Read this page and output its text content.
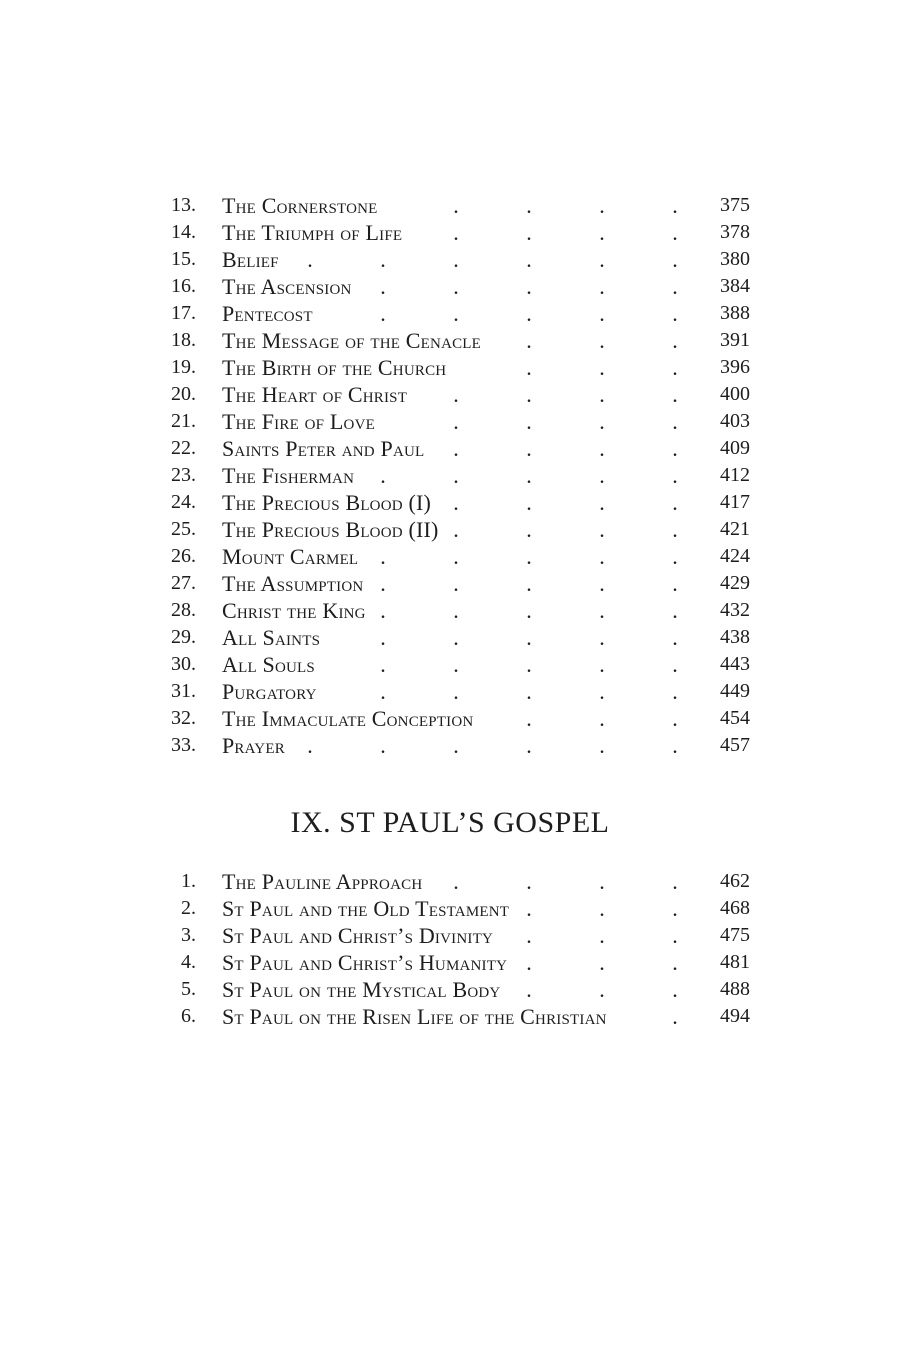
13. The Cornerstone	375
.	.	.	.
14. The Triumph of Life	378
.	.	.	.
15. Belief	380
.	.	.	.	.	.
16. The Ascension	384
.	.	.	.	.
17. Pentecost	388
.	.	.	.	.
18. The Message of the Cenacle	391
.	.	.
19. The Birth of the Church	396
.	.	.
20. The Heart of Christ	400
.	.	.	.
21. The Fire of Love	403
.	.	.	.
22. Saints Peter and Paul	409
.	.	.	.
23. The Fisherman	412
.	.	.	.	.
24. The Precious Blood (I)	417
.	.	.	.
25. The Precious Blood (II)	421
.	.	.	.
26. Mount Carmel	424
.	.	.	.	.
27. The Assumption	429
.	.	.	.	.
28. Christ the King	432
.	.	.	.	.
29. All Saints	438
.	.	.	.	.
30. All Souls	443
.	.	.	.	.
31. Purgatory	449
.	.	.	.	.
32. The Immaculate Conception	454
.	.	.
33. Prayer	457
.	.	.	.	.	.
IX. ST PAUL’S GOSPEL
1. The Pauline Approach	462
.	.	.	.
2. St Paul and the Old Testament	468
.	.	.
3. St Paul and Christ’s Divinity	475
.	.	.
4. St Paul and Christ’s Humanity	481
.	.	.
5. St Paul on the Mystical Body	488
.	.	.
6. St Paul on the Risen Life of the Christian	494
.
